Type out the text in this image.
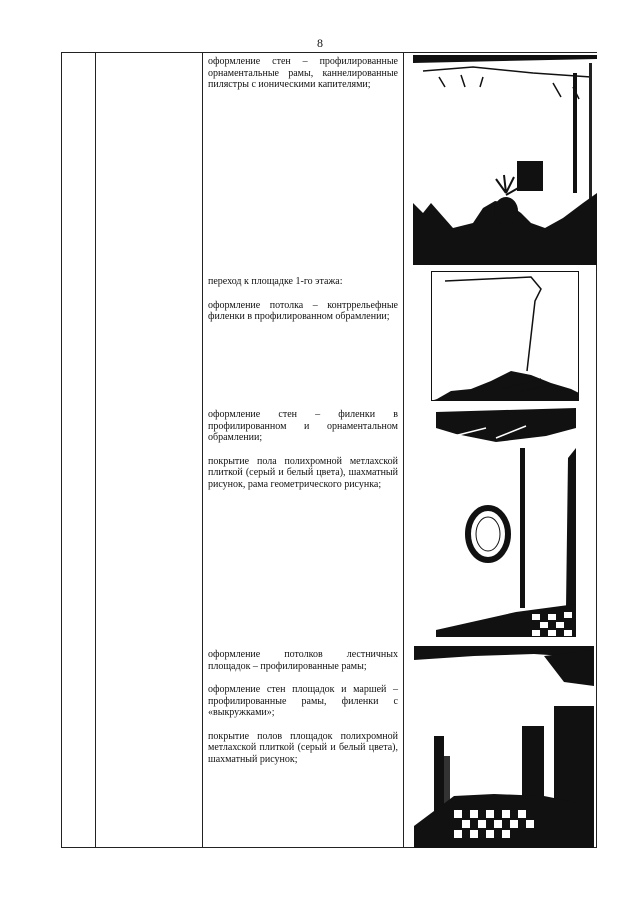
8

оформление стен – профилированные орнаментальные рамы, каннелированные пилястры с ионическими капителями;

переход к площадке 1-го этажа:

оформление потолка – контррельефные филенки в профилированном обрамлении;

оформление стен – филенки в профилированном и орнаментальном обрамлении;

покрытие пола полихромной метлахской плиткой (серый и белый цвета), шахматный рисунок, рама геометрического рисунка;

оформление потолков лестничных площадок – профилированные рамы;

оформление стен площадок и маршей – профилированные рамы, филенки с «выкружками»;

покрытие полов площадок полихромной метлахской плиткой (серый и белый цвета), шахматный рисунок;
